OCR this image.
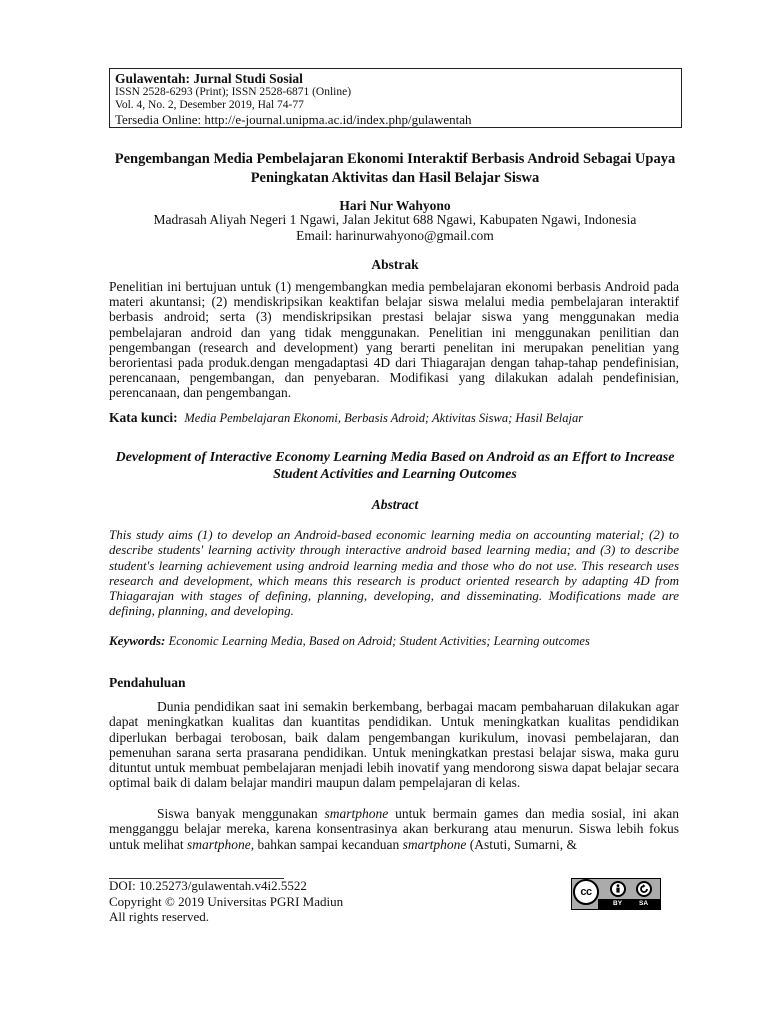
Gulawentah: Jurnal Studi Sosial
ISSN 2528-6293 (Print); ISSN 2528-6871 (Online)
Vol. 4, No. 2, Desember 2019, Hal 74-77
Tersedia Online: http://e-journal.unipma.ac.id/index.php/gulawentah
Pengembangan Media Pembelajaran Ekonomi Interaktif Berbasis Android Sebagai Upaya Peningkatan Aktivitas dan Hasil Belajar Siswa
Hari Nur Wahyono
Madrasah Aliyah Negeri 1 Ngawi, Jalan Jekitut 688 Ngawi, Kabupaten Ngawi, Indonesia
Email: harinurwahyono@gmail.com
Abstrak
Penelitian ini bertujuan untuk (1) mengembangkan media pembelajaran ekonomi berbasis Android pada materi akuntansi; (2) mendiskripsikan keaktifan belajar siswa melalui media pembelajaran interaktif berbasis android; serta (3) mendiskripsikan prestasi belajar siswa yang menggunakan media pembelajaran android dan yang tidak menggunakan. Penelitian ini menggunakan penilitian dan pengembangan (research and development) yang berarti penelitan ini merupakan penelitian yang berorientasi pada produk.dengan mengadaptasi 4D dari Thiagarajan dengan tahap-tahap pendefinisian, perencanaan, pengembangan, dan penyebaran. Modifikasi yang dilakukan adalah pendefinisian, perencanaan, dan pengembangan.
Kata kunci: Media Pembelajaran Ekonomi, Berbasis Adroid; Aktivitas Siswa; Hasil Belajar
Development of Interactive Economy Learning Media Based on Android as an Effort to Increase Student Activities and Learning Outcomes
Abstract
This study aims (1) to develop an Android-based economic learning media on accounting material; (2) to describe students' learning activity through interactive android based learning media; and (3) to describe student's learning achievement using android learning media and those who do not use. This research uses research and development, which means this research is product oriented research by adapting 4D from Thiagarajan with stages of defining, planning, developing, and disseminating. Modifications made are defining, planning, and developing.
Keywords: Economic Learning Media, Based on Adroid; Student Activities; Learning outcomes
Pendahuluan
Dunia pendidikan saat ini semakin berkembang, berbagai macam pembaharuan dilakukan agar dapat meningkatkan kualitas dan kuantitas pendidikan. Untuk meningkatkan kualitas pendidikan diperlukan berbagai terobosan, baik dalam pengembangan kurikulum, inovasi pembelajaran, dan pemenuhan sarana serta prasarana pendidikan. Untuk meningkatkan prestasi belajar siswa, maka guru dituntut untuk membuat pembelajaran menjadi lebih inovatif yang mendorong siswa dapat belajar secara optimal baik di dalam belajar mandiri maupun dalam pempelajaran di kelas.
Siswa banyak menggunakan smartphone untuk bermain games dan media sosial, ini akan mengganggu belajar mereka, karena konsentrasinya akan berkurang atau menurun. Siswa lebih fokus untuk melihat smartphone, bahkan sampai kecanduan smartphone (Astuti, Sumarni, &
DOI: 10.25273/gulawentah.v4i2.5522
Copyright © 2019 Universitas PGRI Madiun
All rights reserved.
cc
BY	SA
